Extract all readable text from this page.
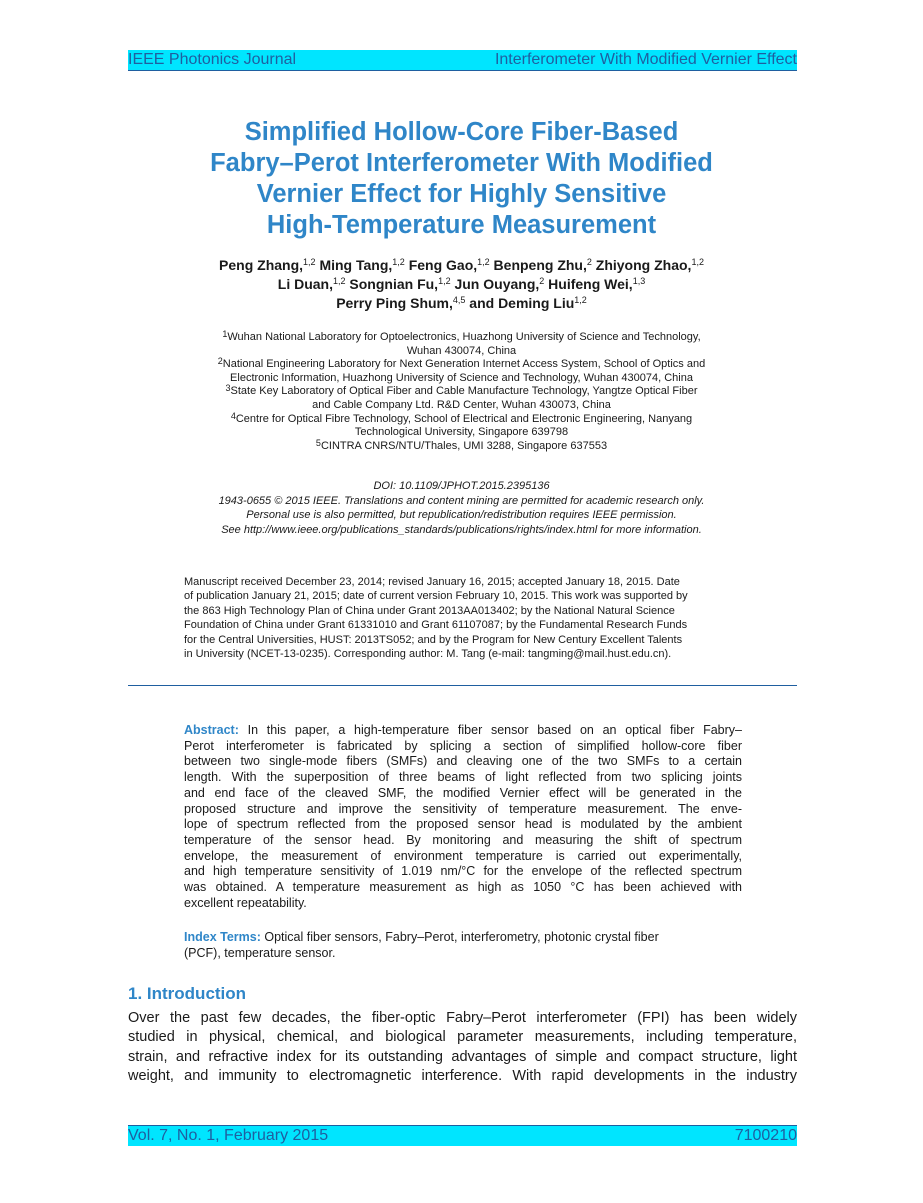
IEEE Photonics Journal	Interferometer With Modified Vernier Effect
Simplified Hollow-Core Fiber-Based
Fabry–Perot Interferometer With Modified
Vernier Effect for Highly Sensitive
High-Temperature Measurement
Peng Zhang,$^{1,2}$ Ming Tang,$^{1,2}$ Feng Gao,$^{1,2}$ Benpeng Zhu,$^2$ Zhiyong Zhao,$^{1,2}$
Li Duan,$^{1,2}$ Songnian Fu,$^{1,2}$ Jun Ouyang,$^2$ Huifeng Wei,$^{1,3}$
Perry Ping Shum,$^{4,5}$ and Deming Liu$^{1,2}$
$^1$Wuhan National Laboratory for Optoelectronics, Huazhong University of Science and Technology,
Wuhan 430074, China
$^2$National Engineering Laboratory for Next Generation Internet Access System, School of Optics and
Electronic Information, Huazhong University of Science and Technology, Wuhan 430074, China
$^3$State Key Laboratory of Optical Fiber and Cable Manufacture Technology, Yangtze Optical Fiber
and Cable Company Ltd. R&D Center, Wuhan 430073, China
$^4$Centre for Optical Fibre Technology, School of Electrical and Electronic Engineering, Nanyang
Technological University, Singapore 639798
$^5$CINTRA CNRS/NTU/Thales, UMI 3288, Singapore 637553
DOI: 10.1109/JPHOT.2015.2395136
1943-0655 © 2015 IEEE. Translations and content mining are permitted for academic research only.
Personal use is also permitted, but republication/redistribution requires IEEE permission.
See http://www.ieee.org/publications_standards/publications/rights/index.html for more information.
Manuscript received December 23, 2014; revised January 16, 2015; accepted January 18, 2015. Date
of publication January 21, 2015; date of current version February 10, 2015. This work was supported by
the 863 High Technology Plan of China under Grant 2013AA013402; by the National Natural Science
Foundation of China under Grant 61331010 and Grant 61107087; by the Fundamental Research Funds
for the Central Universities, HUST: 2013TS052; and by the Program for New Century Excellent Talents
in University (NCET-13-0235). Corresponding author: M. Tang (e-mail: tangming@mail.hust.edu.cn).
Abstract: In this paper, a high-temperature fiber sensor based on an optical fiber Fabry–
Perot interferometer is fabricated by splicing a section of simplified hollow-core fiber
between two single-mode fibers (SMFs) and cleaving one of the two SMFs to a certain
length. With the superposition of three beams of light reflected from two splicing joints
and end face of the cleaved SMF, the modified Vernier effect will be generated in the
proposed structure and improve the sensitivity of temperature measurement. The enve-
lope of spectrum reflected from the proposed sensor head is modulated by the ambient
temperature of the sensor head. By monitoring and measuring the shift of spectrum
envelope, the measurement of environment temperature is carried out experimentally,
and high temperature sensitivity of 1.019 nm/°C for the envelope of the reflected spectrum
was obtained. A temperature measurement as high as 1050 °C has been achieved with
excellent repeatability.
Index Terms: Optical fiber sensors, Fabry–Perot, interferometry, photonic crystal fiber
(PCF), temperature sensor.
1. Introduction
Over the past few decades, the fiber-optic Fabry–Perot interferometer (FPI) has been widely
studied in physical, chemical, and biological parameter measurements, including temperature,
strain, and refractive index for its outstanding advantages of simple and compact structure, light
weight, and immunity to electromagnetic interference. With rapid developments in the industry
Vol. 7, No. 1, February 2015	7100210
